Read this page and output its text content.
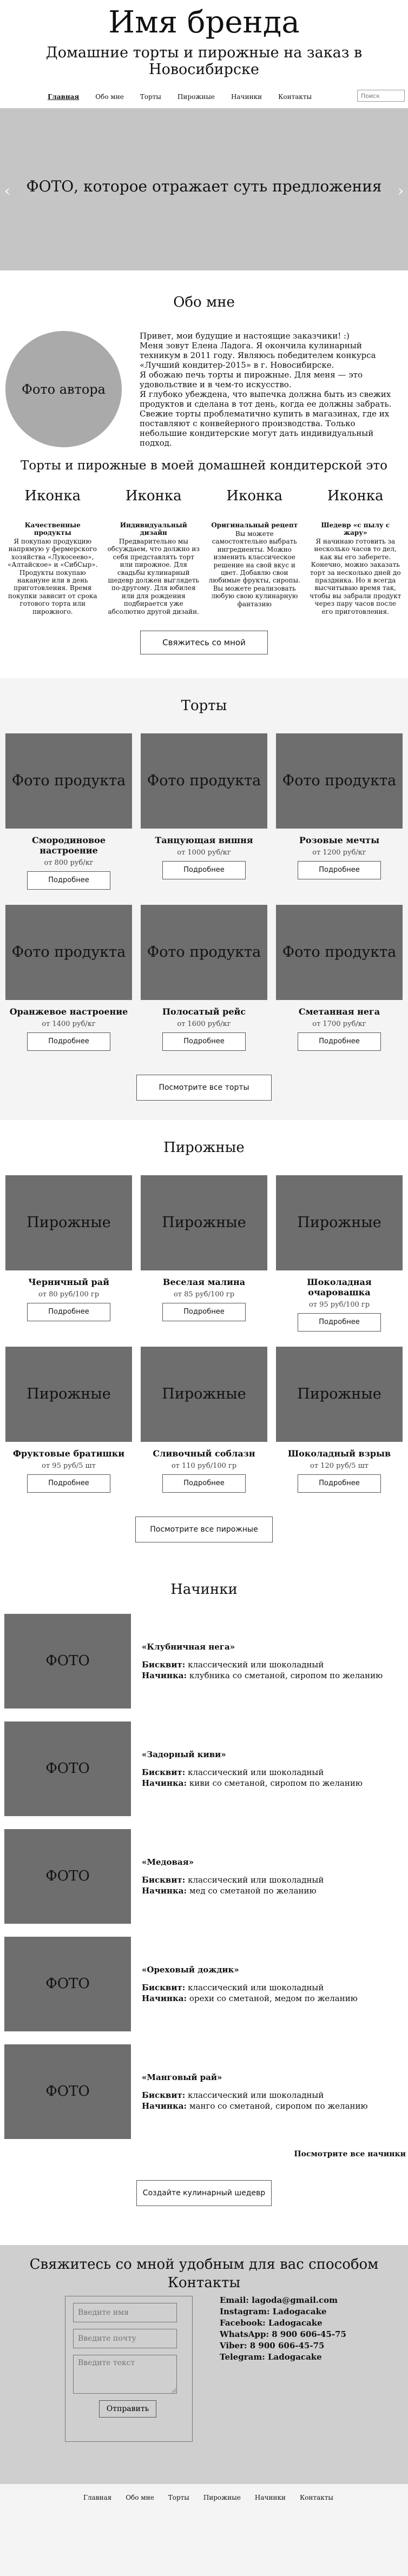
Имя бренда
Домашние торты и пирожные на заказ в Новосибирске
Главная	Обо мне	Торты	Пирожные	Начинки	Контакты
Поиск
‹	ФОТО, которое отражает суть предложения	›
Обо мне
Фото автора

Привет, мои будущие и настоящие заказчики! :)

Меня зовут Елена Ладога. Я окончила кулинарный техникум в 2011 году. Являюсь победителем конкурса «Лучший кондитер-2015» в г. Новосибирске.

Я обожаю печь торты и пирожные. Для меня — это удовольствие и в чем-то искусство.

Я глубоко убеждена, что выпечка должна быть из свежих продуктов и сделана в тот день, когда ее должны забрать. Свежие торты проблематично купить в магазинах, где их поставляют с конвейерного производства. Только небольшие кондитерские могут дать индивидуальный подход.

Торты и пирожные в моей домашней кондитерской это
Иконка
Качественные продукты
Я покупаю продукцию напрямую у фермерского хозяйства «Лукосеево», «Алтайское» и «СибСыр». Продукты покупаю накануне или в день приготовления. Время покупки зависит от срока готового торта или пирожного.
Иконка
Индивидуальный дизайн
Предварительно мы обсуждаем, что должно из себя представлять торт или пирожное. Для свадьбы кулинарный шедевр должен выглядеть по-другому. Для юбилея или для рождения подбирается уже абсолютно другой дизайн.
Иконка
Оригинальный рецепт
Вы можете самостоятельно выбрать ингредиенты. Можно изменить классическое решение на свой вкус и цвет. Добавлю свои любимые фрукты, сиропы. Вы можете реализовать любую свою кулинарную фантазию
Иконка
Шедевр «с пылу с жару»
Я начинаю готовить за несколько часов то дел, как вы его заберете. Конечно, можно заказать торт за несколько дней до праздника. Но я всегда высчитываю время так, чтобы вы забрали продукт через пару часов после его приготовления.
Свяжитесь со мной
Торты
Фото продукта
Смородиновое настроение
от 800 руб/кг
Подробнее
Фото продукта
Танцующая вишня
от 1000 руб/кг
Подробнее
Фото продукта
Розовые мечты
от 1200 руб/кг
Подробнее
Фото продукта
Оранжевое настроение
от 1400 руб/кг
Подробнее
Фото продукта
Полосатый рейс
от 1600 руб/кг
Подробнее
Фото продукта
Сметанная нега
от 1700 руб/кг
Подробнее
Посмотрите все торты
Пирожные
Пирожные
Черничный рай
от 80 руб/100 гр
Подробнее
Пирожные
Веселая малина
от 85 руб/100 гр
Подробнее
Пирожные
Шоколадная очаровашка
от 95 руб/100 гр
Подробнее
Пирожные
Фруктовые братишки
от 95 руб/5 шт
Подробнее
Пирожные
Сливочный соблазн
от 110 руб/100 гр
Подробнее
Пирожные
Шоколадный взрыв
от 120 руб/5 шт
Подробнее
Посмотрите все пирожные
Начинки
ФОТО
«Клубничная нега»
Бисквит: классический или шоколадный
Начинка: клубника со сметаной, сиропом по желанию
ФОТО
«Задорный киви»
Бисквит: классический или шоколадный
Начинка: киви со сметаной, сиропом по желанию
ФОТО
«Медовая»
Бисквит: классический или шоколадный
Начинка: мед со сметаной по желанию
ФОТО
«Ореховый дождик»
Бисквит: классический или шоколадный
Начинка: орехи со сметаной, медом по желанию
ФОТО
«Манговый рай»
Бисквит: классический или шоколадный
Начинка: манго со сметаной, сиропом по желанию
Посмотрите все начинки
Создайте кулинарный шедевр
Свяжитесь со мной удобным для вас способом
Контакты
Введите имя
Введите почту
Введите текст
Отправить
Email: lagoda@gmail.com
Instagram: Ladogacake
Facebook: Ladogacake
WhatsApp: 8 900 606-45-75
Viber: 8 900 606-45-75
Telegram: Ladogacake
Главная Обо мне Торты Пирожные Начинки Контакты
